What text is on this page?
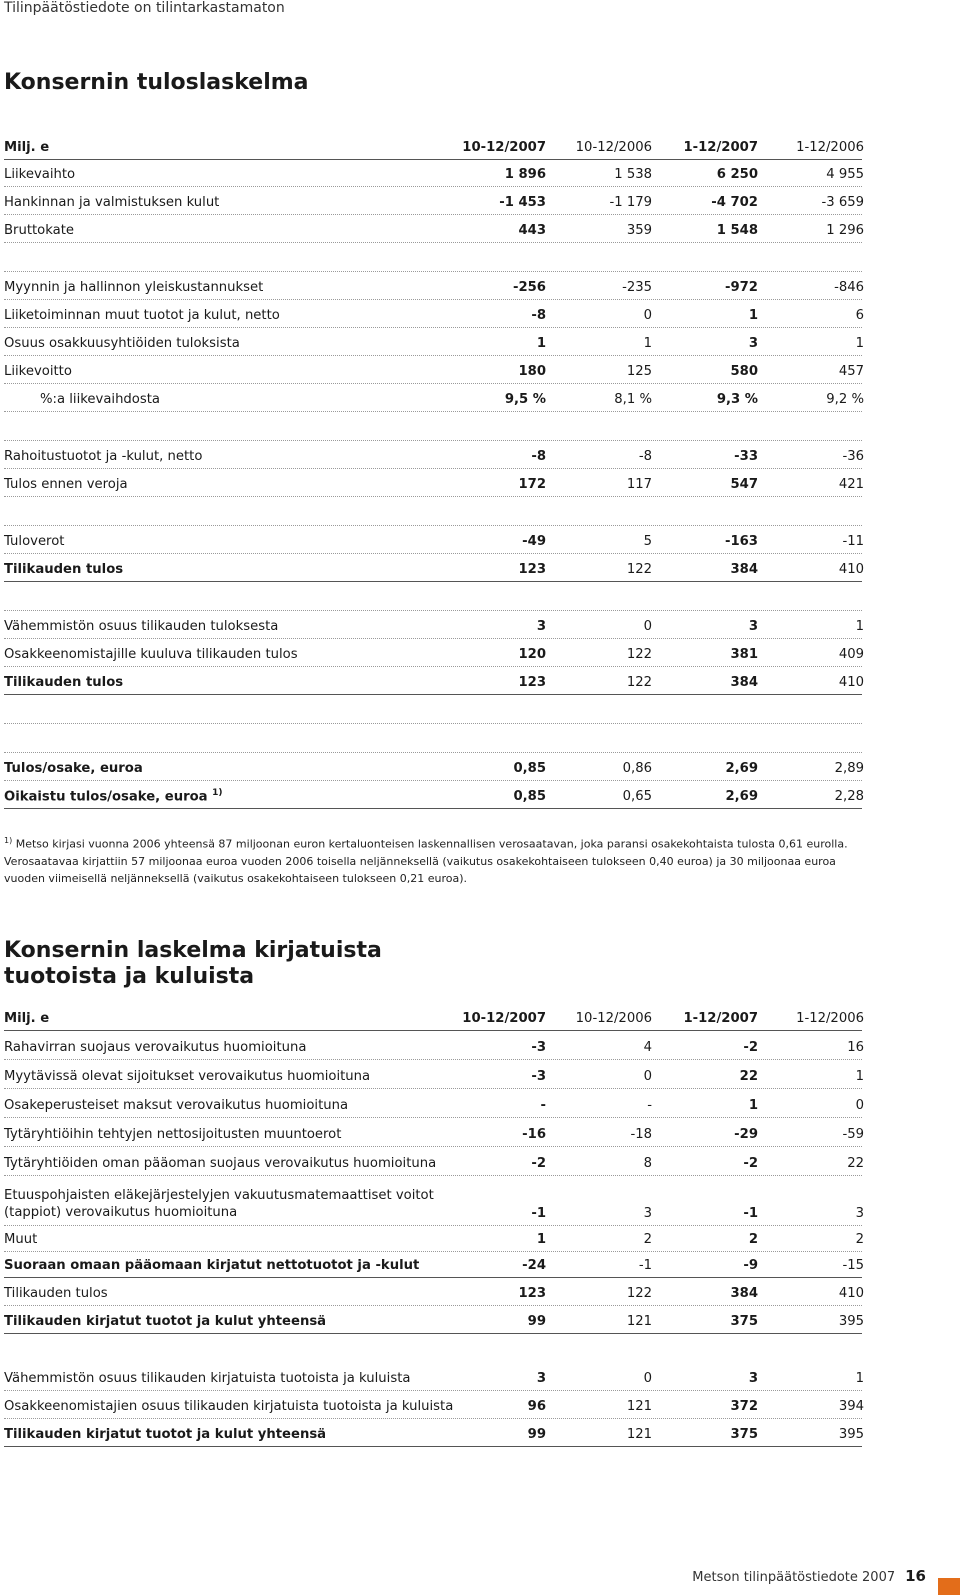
Tilinpäätöstiedote on tilintarkastamaton
Konsernin tuloslaskelma
Milj. e	10-12/2007	10-12/2006	1-12/2007	1-12/2006
Liikevaihto	1 896	1 538	6 250	4 955
Hankinnan ja valmistuksen kulut	-1 453	-1 179	-4 702	-3 659
Bruttokate	443	359	1 548	1 296
Myynnin ja hallinnon yleiskustannukset	-256	-235	-972	-846
Liiketoiminnan muut tuotot ja kulut, netto	-8	0	1	6
Osuus osakkuusyhtiöiden tuloksista	1	1	3	1
Liikevoitto	180	125	580	457
%:a liikevaihdosta	9,5 %	8,1 %	9,3 %	9,2 %
Rahoitustuotot ja -kulut, netto	-8	-8	-33	-36
Tulos ennen veroja	172	117	547	421
Tuloverot	-49	5	-163	-11
Tilikauden tulos	123	122	384	410
Vähemmistön osuus tilikauden tuloksesta	3	0	3	1
Osakkeenomistajille kuuluva tilikauden tulos	120	122	381	409
Tilikauden tulos	123	122	384	410
Tulos/osake, euroa	0,85	0,86	2,69	2,89
Oikaistu tulos/osake, euroa $^{1)}$	0,85	0,65	2,69	2,28
$^{1)}$ Metso kirjasi vuonna 2006 yhteensä 87 miljoonan euron kertaluonteisen laskennallisen verosaatavan, joka paransi osakekohtaista tulosta 0,61 eurolla. Verosaatavaa kirjattiin 57 miljoonaa euroa vuoden 2006 toisella neljänneksellä (vaikutus osakekohtaiseen tulokseen 0,40 euroa) ja 30 miljoonaa euroa vuoden viimeisellä neljänneksellä (vaikutus osakekohtaiseen tulokseen 0,21 euroa).
Konsernin laskelma kirjatuista
tuotoista ja kuluista
Milj. e	10-12/2007	10-12/2006	1-12/2007	1-12/2006
Rahavirran suojaus verovaikutus huomioituna	-3	4	-2	16
Myytävissä olevat sijoitukset verovaikutus huomioituna	-3	0	22	1
Osakeperusteiset maksut verovaikutus huomioituna	-	-	1	0
Tytäryhtiöihin tehtyjen nettosijoitusten muuntoerot	-16	-18	-29	-59
Tytäryhtiöiden oman pääoman suojaus verovaikutus huomioituna	-2	8	-2	22
Etuuspohjaisten eläkejärjestelyjen vakuutusmatemaattiset voitot
(tappiot) verovaikutus huomioituna	-1	3	-1	3
Muut	1	2	2	2
Suoraan omaan pääomaan kirjatut nettotuotot ja -kulut	-24	-1	-9	-15
Tilikauden tulos	123	122	384	410
Tilikauden kirjatut tuotot ja kulut yhteensä	99	121	375	395
Vähemmistön osuus tilikauden kirjatuista tuotoista ja kuluista	3	0	3	1
Osakkeenomistajien osuus tilikauden kirjatuista tuotoista ja kuluista	96	121	372	394
Tilikauden kirjatut tuotot ja kulut yhteensä	99	121	375	395
Metson tilinpäätöstiedote 2007 16
